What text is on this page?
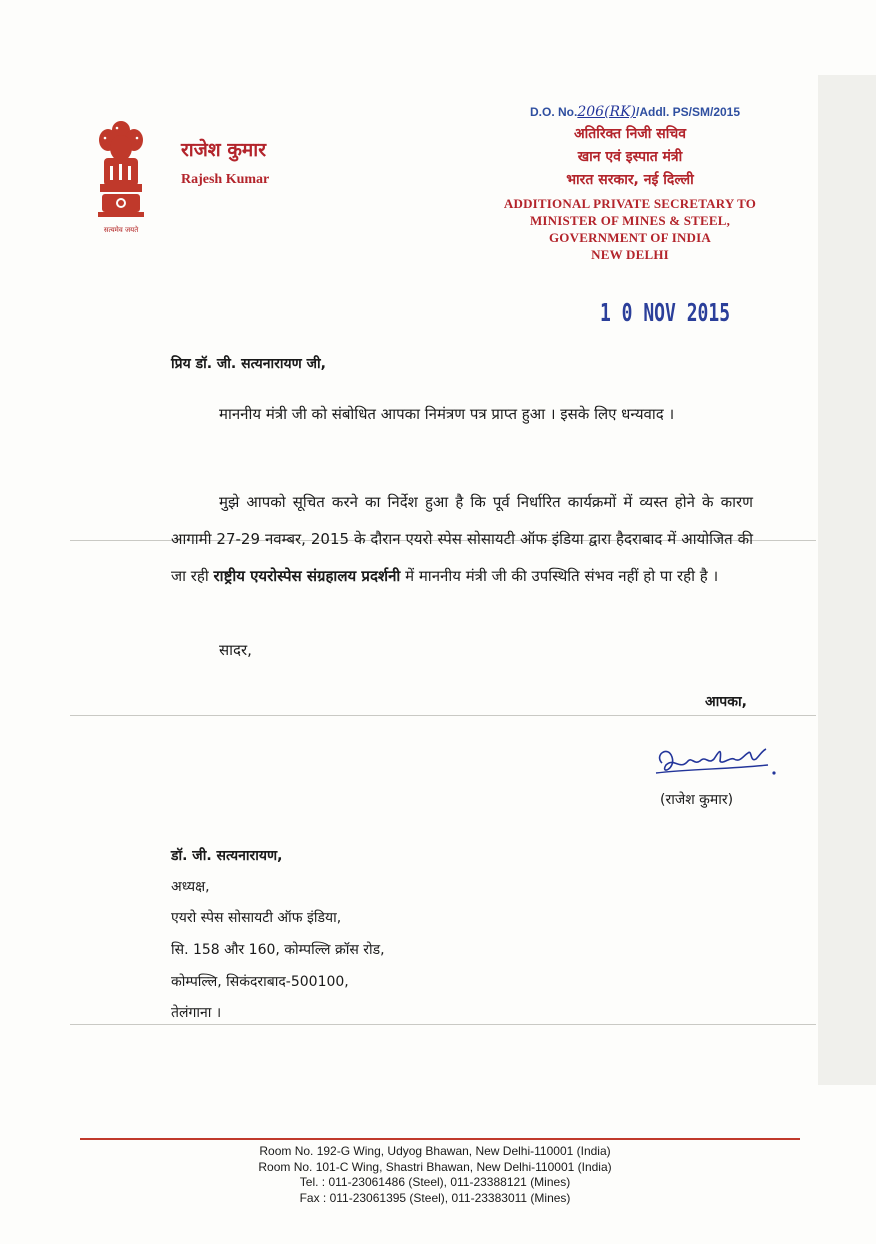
सत्यमेव जयते
राजेश कुमार
Rajesh Kumar
D.O. No.206(RK)/Addl. PS/SM/2015
अतिरिक्त निजी सचिव
खान एवं इस्पात मंत्री
भारत सरकार, नई दिल्ली
ADDITIONAL PRIVATE SECRETARY TO
MINISTER OF MINES & STEEL,
GOVERNMENT OF INDIA
NEW DELHI
1 0 NOV 2015
प्रिय डॉ. जी. सत्यनारायण जी,
माननीय मंत्री जी को संबोधित आपका निमंत्रण पत्र प्राप्त हुआ । इसके लिए धन्यवाद ।
मुझे आपको सूचित करने का निर्देश हुआ है कि पूर्व निर्धारित कार्यक्रमों में व्यस्त होने के कारण आगामी 27-29 नवम्बर, 2015 के दौरान एयरो स्पेस सोसायटी ऑफ इंडिया द्वारा हैदराबाद में आयोजित की जा रही राष्ट्रीय एयरोस्पेस संग्रहालय प्रदर्शनी में माननीय मंत्री जी की उपस्थिति संभव नहीं हो पा रही है ।
सादर,
आपका,
(राजेश कुमार)
डॉ. जी. सत्यनारायण,
अध्यक्ष,
एयरो स्पेस सोसायटी ऑफ इंडिया,
सि. 158 और 160, कोम्पल्लि क्रॉस रोड,
कोम्पल्लि, सिकंदराबाद-500100,
तेलंगाना ।
Room No. 192-G Wing, Udyog Bhawan, New Delhi-110001 (India)
Room No. 101-C Wing, Shastri Bhawan, New Delhi-110001 (India)
Tel. : 011-23061486 (Steel), 011-23388121 (Mines)
Fax : 011-23061395 (Steel), 011-23383011 (Mines)
